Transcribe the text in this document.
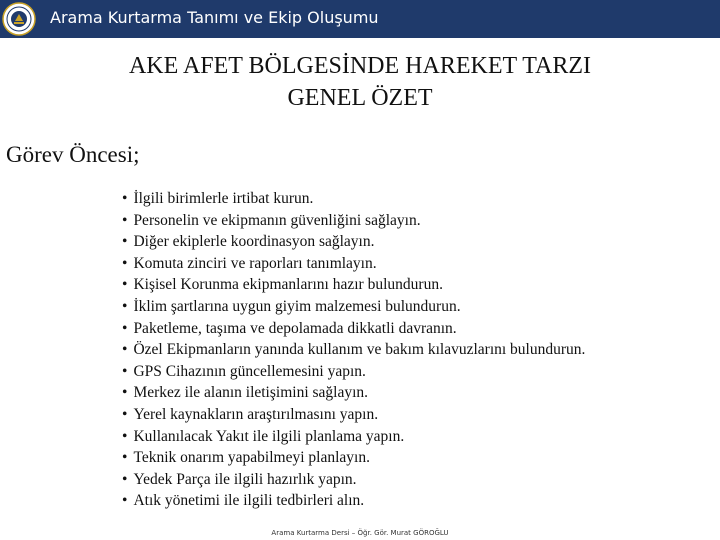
Arama Kurtarma Tanımı ve Ekip Oluşumu
AKE AFET BÖLGESİNDE HAREKET TARZI
GENEL ÖZET
Görev Öncesi;
• İlgili birimlerle irtibat kurun.
• Personelin ve ekipmanın güvenliğini sağlayın.
• Diğer ekiplerle koordinasyon sağlayın.
• Komuta zinciri ve raporları tanımlayın.
• Kişisel Korunma ekipmanlarını hazır bulundurun.
• İklim şartlarına uygun giyim malzemesi bulundurun.
• Paketleme, taşıma ve depolamada dikkatli davranın.
• Özel Ekipmanların yanında kullanım ve bakım kılavuzlarını bulundurun.
• GPS Cihazının güncellemesini yapın.
• Merkez ile alanın iletişimini sağlayın.
• Yerel kaynakların araştırılmasını yapın.
• Kullanılacak Yakıt ile ilgili planlama yapın.
• Teknik onarım yapabilmeyi planlayın.
• Yedek Parça ile ilgili hazırlık yapın.
• Atık yönetimi ile ilgili tedbirleri alın.
Arama Kurtarma Dersi – Öğr. Gör. Murat GÖROĞLU
